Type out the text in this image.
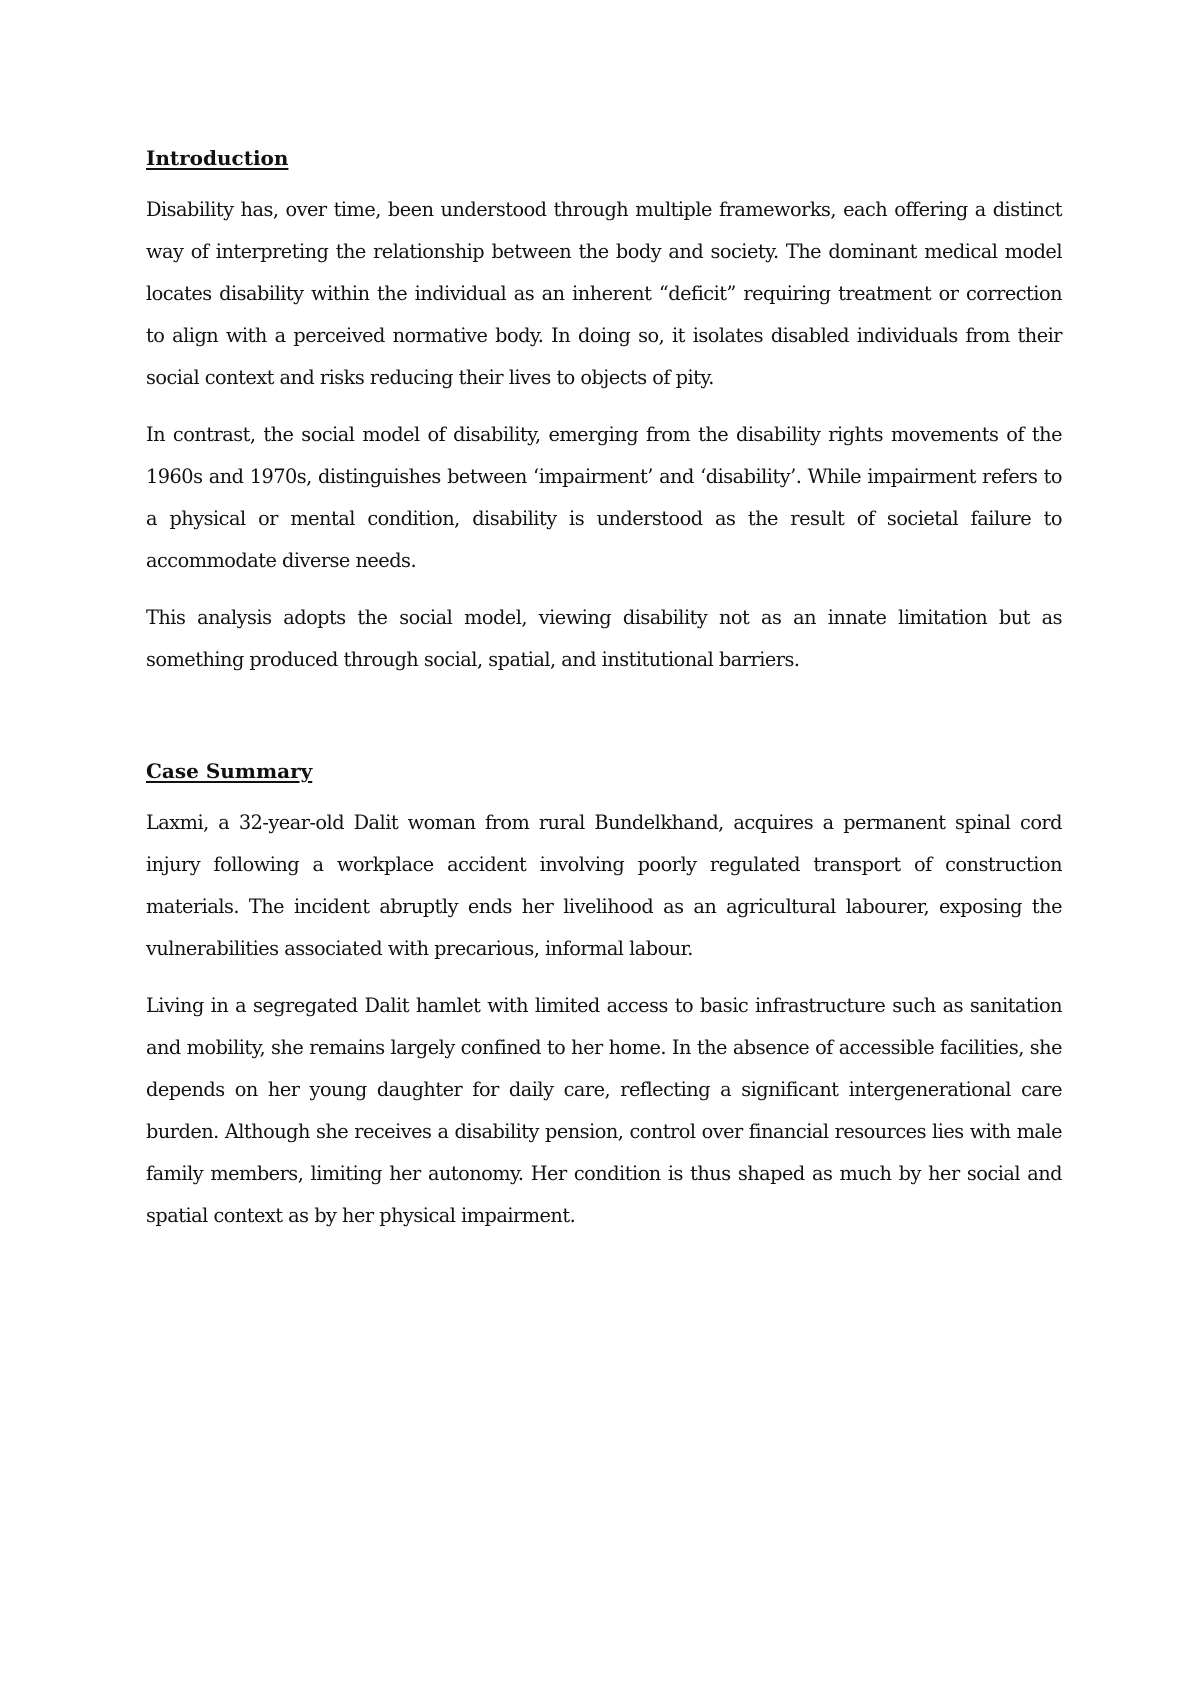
Introduction

Disability has, over time, been understood through multiple frameworks, each offering a distinct way of interpreting the relationship between the body and society. The dominant medical model locates disability within the individual as an inherent “deficit” requiring treatment or correction to align with a perceived normative body. In doing so, it isolates disabled individuals from their social context and risks reducing their lives to objects of pity.

In contrast, the social model of disability, emerging from the disability rights movements of the 1960s and 1970s, distinguishes between ‘impairment’ and ‘disability’. While impairment refers to a physical or mental condition, disability is understood as the result of societal failure to accommodate diverse needs.

This analysis adopts the social model, viewing disability not as an innate limitation but as something produced through social, spatial, and institutional barriers.

Case Summary

Laxmi, a 32-year-old Dalit woman from rural Bundelkhand, acquires a permanent spinal cord injury following a workplace accident involving poorly regulated transport of construction materials. The incident abruptly ends her livelihood as an agricultural labourer, exposing the vulnerabilities associated with precarious, informal labour.

Living in a segregated Dalit hamlet with limited access to basic infrastructure such as sanitation and mobility, she remains largely confined to her home. In the absence of accessible facilities, she depends on her young daughter for daily care, reflecting a significant intergenerational care burden. Although she receives a disability pension, control over financial resources lies with male family members, limiting her autonomy. Her condition is thus shaped as much by her social and spatial context as by her physical impairment.
